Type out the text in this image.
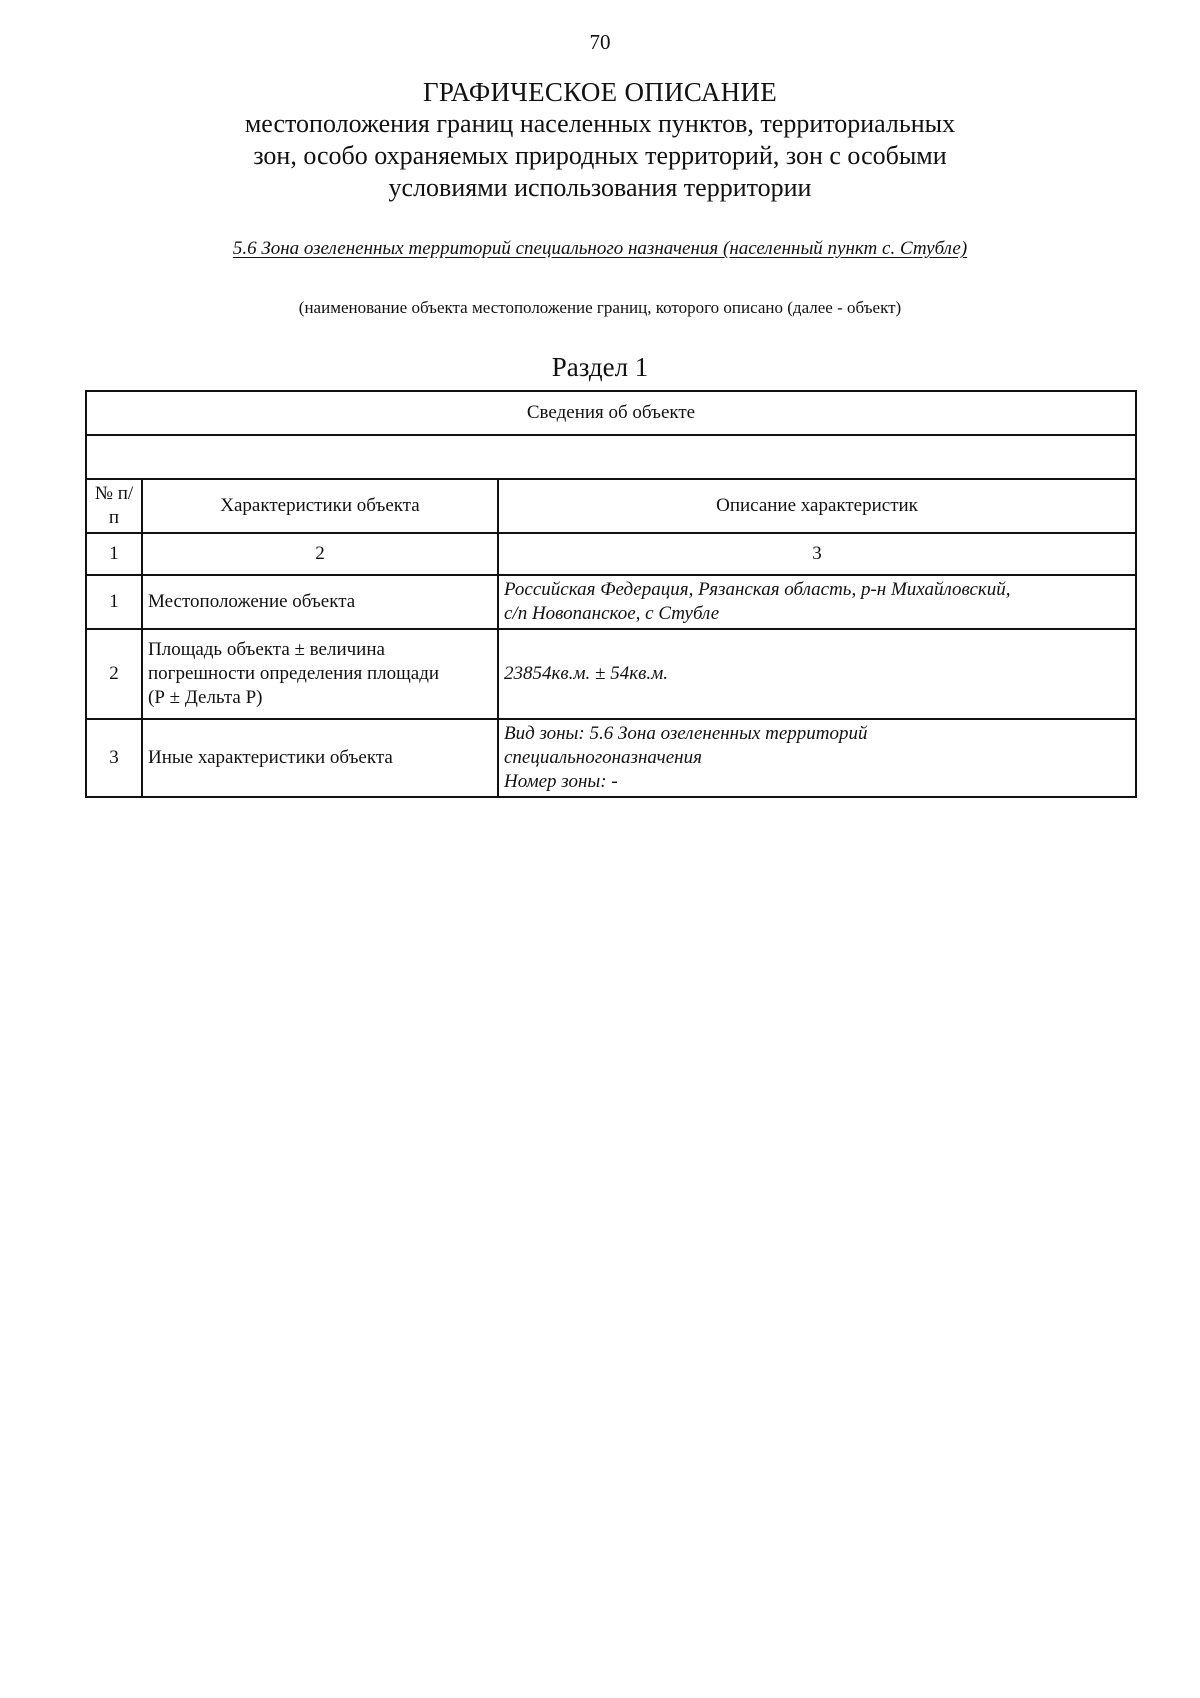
70
ГРАФИЧЕСКОЕ ОПИСАНИЕ
местоположения границ населенных пунктов, территориальных
зон, особо охраняемых природных территорий, зон с особыми
условиями использования территории
5.6 Зона озелененных территорий специального назначения (населенный пункт с. Стубле)
(наименование объекта местоположение границ, которого описано (далее - объект)
Раздел 1
Сведения об объекте		

№ п/п	Характеристики объекта	Описание характеристик
1	2	3
1	Местоположение объекта	Российская Федерация, Рязанская область, р-н Михайловский,
с/п Новопанское, с Стубле

2	Площадь объекта ± величина
погрешности определения площади
(Р ± Дельта Р)	23854кв.м. ± 54кв.м.

3	Иные характеристики объекта	Вид зоны: 5.6 Зона озелененных территорий
специальногоназначения
Номер зоны: -
